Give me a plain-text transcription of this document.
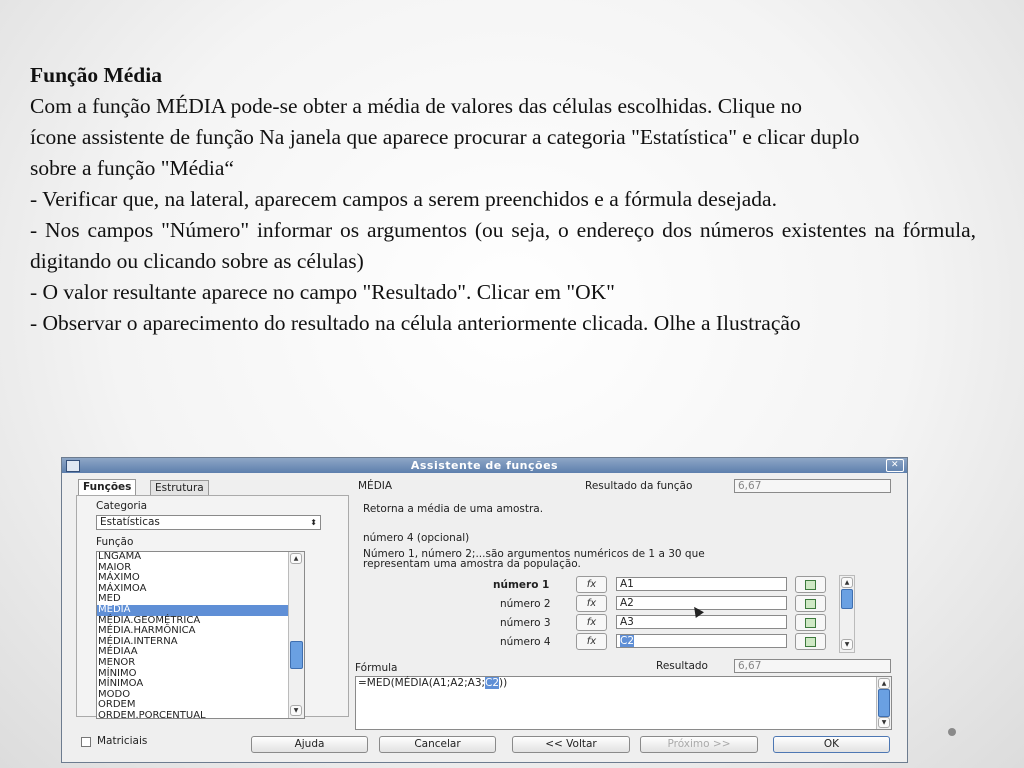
Função Média

Com a função MÉDIA pode-se obter a média de valores das células escolhidas. Clique no

ícone assistente de função Na janela que aparece procurar a categoria "Estatística" e clicar duplo

sobre a função "Média“

- Verificar que, na lateral, aparecem campos a serem preenchidos e a fórmula desejada.

- Nos campos "Número" informar os argumentos (ou seja, o endereço dos números existentes na fórmula, digitando ou clicando sobre as células)

- O valor resultante aparece no campo "Resultado". Clicar em "OK"

- Observar o aparecimento do resultado na célula anteriormente clicada. Olhe a Ilustração

Assistente de funções	✕
Funções	Estrutura
Categoria
Estatísticas	⬍
Função
LNGAMA
MAIOR
MÁXIMO
MÁXIMOA
MED
MÉDIA
MÉDIA.GEOMÉTRICA
MÉDIA.HARMÔNICA
MÉDIA.INTERNA
MÉDIAA
MENOR
MÍNIMO
MÍNIMOA
MODO
ORDEM
ORDEM.PORCENTUAL
▲
▼
MÉDIA	Resultado da função	6,67
Retorna a média de uma amostra.
número 4 (opcional)
Número 1, número 2;...são argumentos numéricos de 1 a 30 que
representam uma amostra da população.
número 1	fx	A1
número 2	fx	A2
número 3	fx	A3
número 4	fx	C2
▲
▼
Fórmula	Resultado	6,67
=MED(MÉDIA(A1;A2;A3;C2))	▲
▼
Matriciais	Ajuda	Cancelar	<< Voltar	Próximo >>	OK
